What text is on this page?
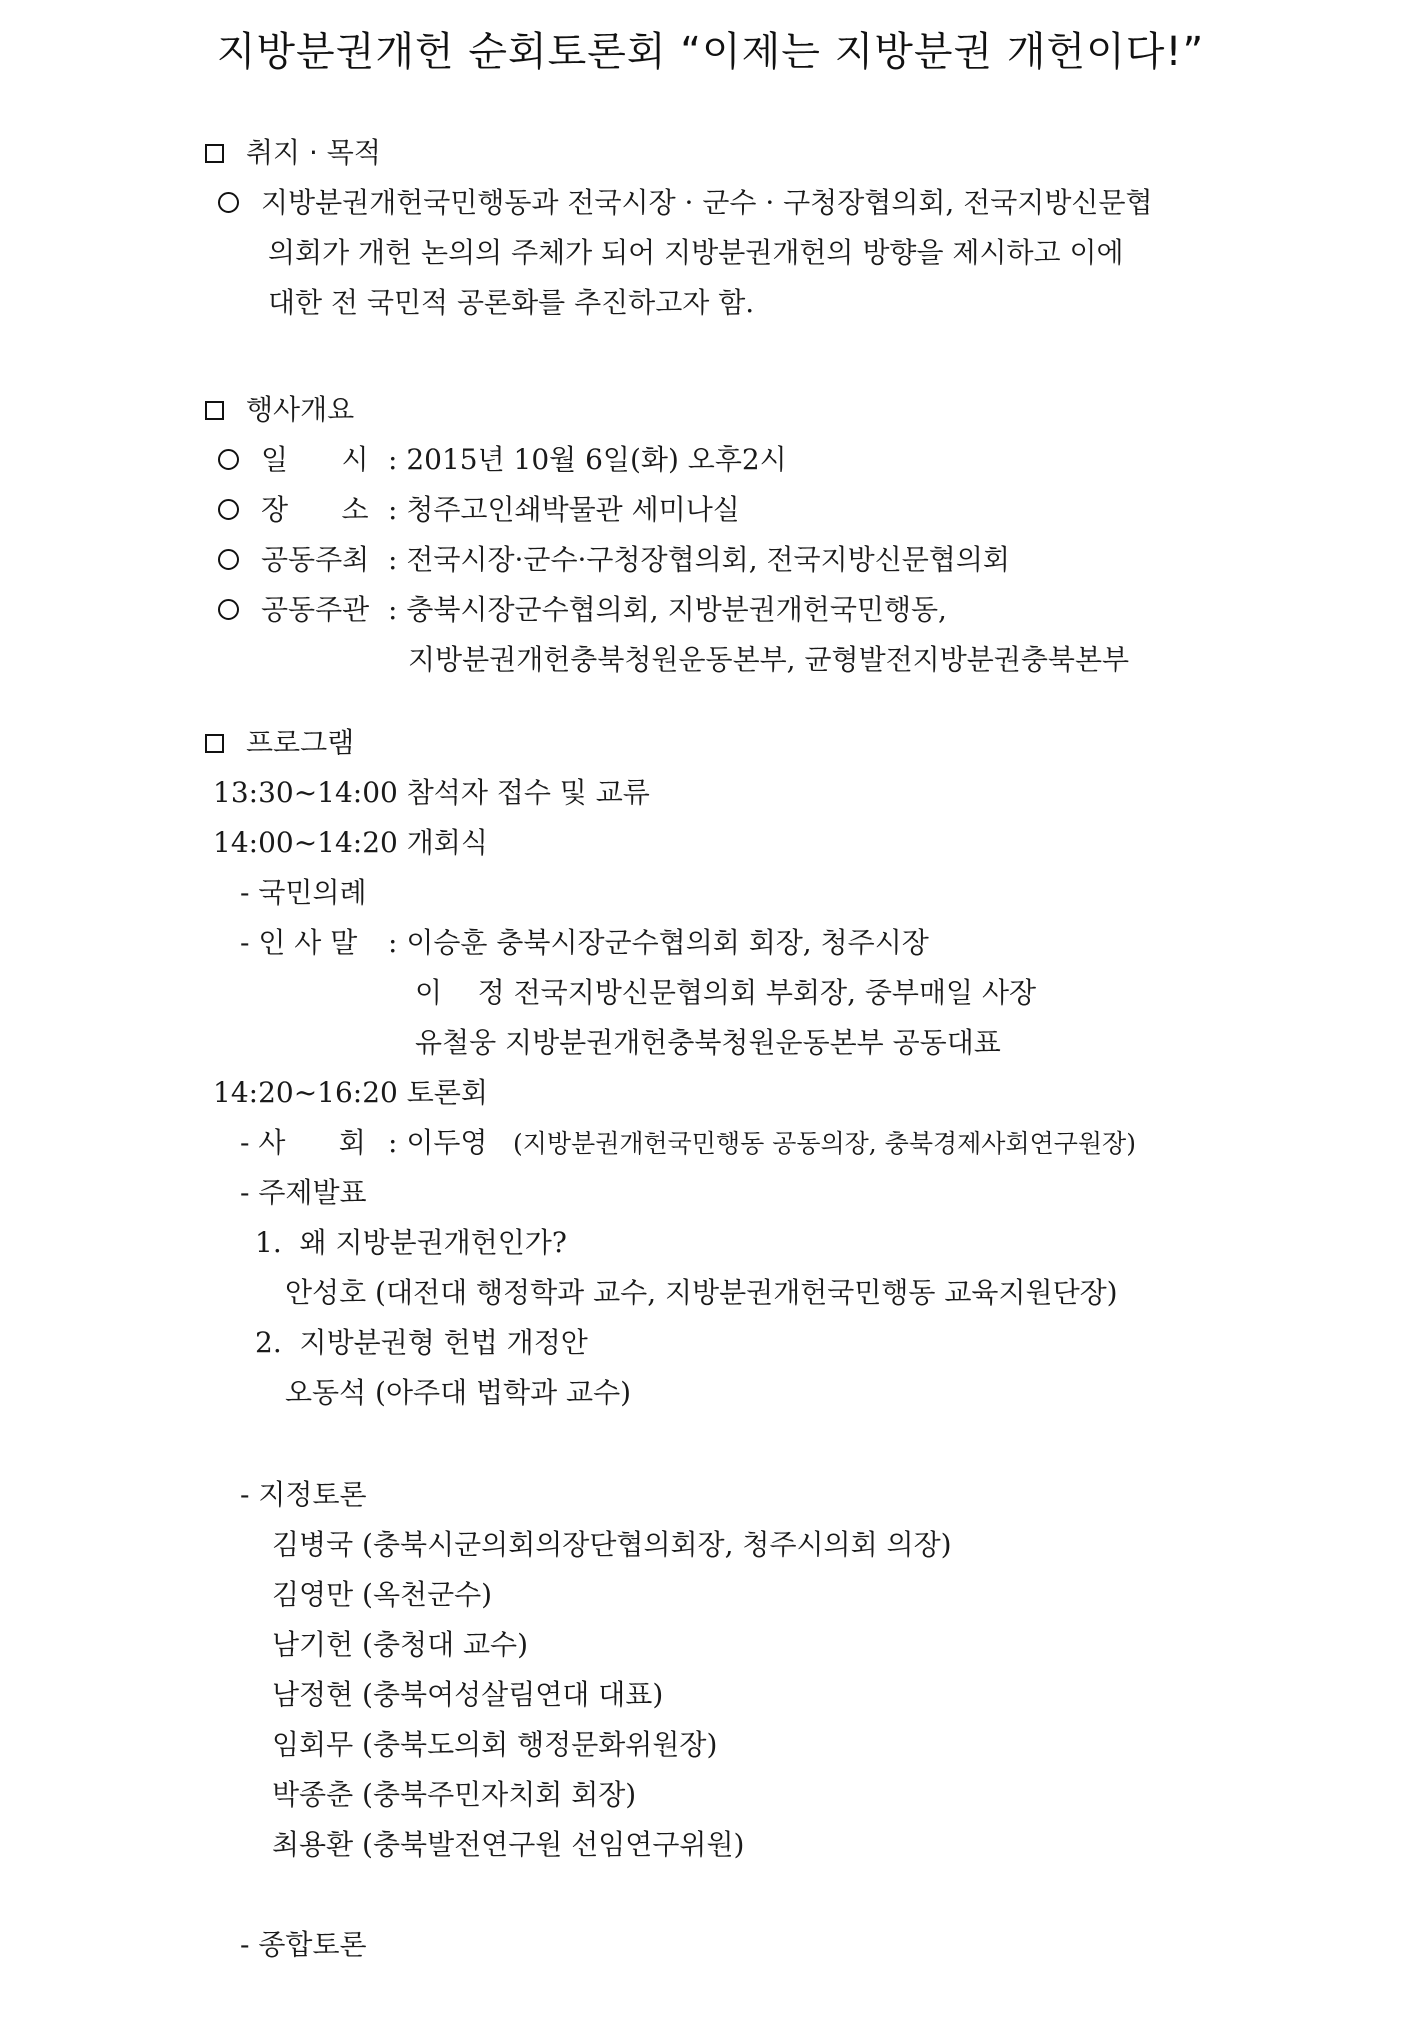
지방분권개헌 순회토론회 “이제는 지방분권 개헌이다!”
취지 · 목적
지방분권개헌국민행동과 전국시장 · 군수 · 구청장협의회, 전국지방신문협
의회가 개헌 논의의 주체가 되어 지방분권개헌의 방향을 제시하고 이에
대한 전 국민적 공론화를 추진하고자 함.
행사개요
일      시 : 2015년 10월 6일(화) 오후2시
장      소 : 청주고인쇄박물관 세미나실
공동주최 : 전국시장·군수·구청장협의회, 전국지방신문협의회
공동주관 : 충북시장군수협의회, 지방분권개헌국민행동,
지방분권개헌충북청원운동본부, 균형발전지방분권충북본부
프로그램
13:30~14:00 참석자 접수 및 교류
14:00~14:20 개회식
- 국민의례
- 인 사 말 : 이승훈 충북시장군수협의회 회장, 청주시장
이    정 전국지방신문협의회 부회장, 중부매일 사장
유철웅 지방분권개헌충북청원운동본부 공동대표
14:20~16:20 토론회
- 사      회 : 이두영 (지방분권개헌국민행동 공동의장, 충북경제사회연구원장)
- 주제발표
1.  왜 지방분권개헌인가?
안성호 (대전대 행정학과 교수, 지방분권개헌국민행동 교육지원단장)
2.  지방분권형 헌법 개정안
오동석 (아주대 법학과 교수)
- 지정토론
김병국 (충북시군의회의장단협의회장, 청주시의회 의장)
김영만 (옥천군수)
남기헌 (충청대 교수)
남정현 (충북여성살림연대 대표)
임회무 (충북도의회 행정문화위원장)
박종춘 (충북주민자치회 회장)
최용환 (충북발전연구원 선임연구위원)
- 종합토론
